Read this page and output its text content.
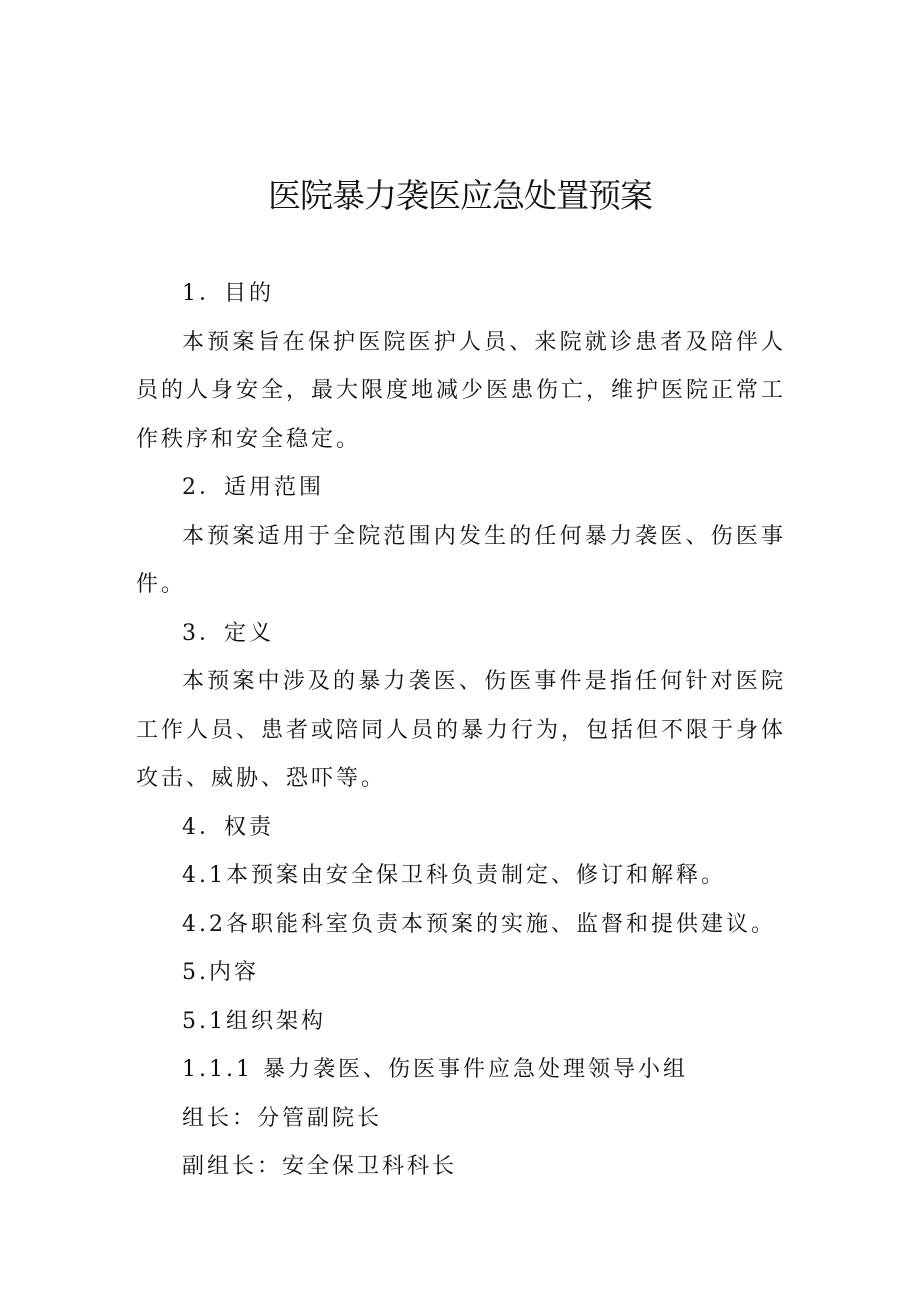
医院暴力袭医应急处置预案

1．目的

本预案旨在保护医院医护人员、来院就诊患者及陪伴人员的人身安全，最大限度地减少医患伤亡，维护医院正常工作秩序和安全稳定。

2．适用范围

本预案适用于全院范围内发生的任何暴力袭医、伤医事件。

3．定义

本预案中涉及的暴力袭医、伤医事件是指任何针对医院工作人员、患者或陪同人员的暴力行为，包括但不限于身体攻击、威胁、恐吓等。

4．权责

4.1本预案由安全保卫科负责制定、修订和解释。

4.2各职能科室负责本预案的实施、监督和提供建议。

5.内容

5.1组织架构

1.1.1 暴力袭医、伤医事件应急处理领导小组

组长：分管副院长

副组长：安全保卫科科长
